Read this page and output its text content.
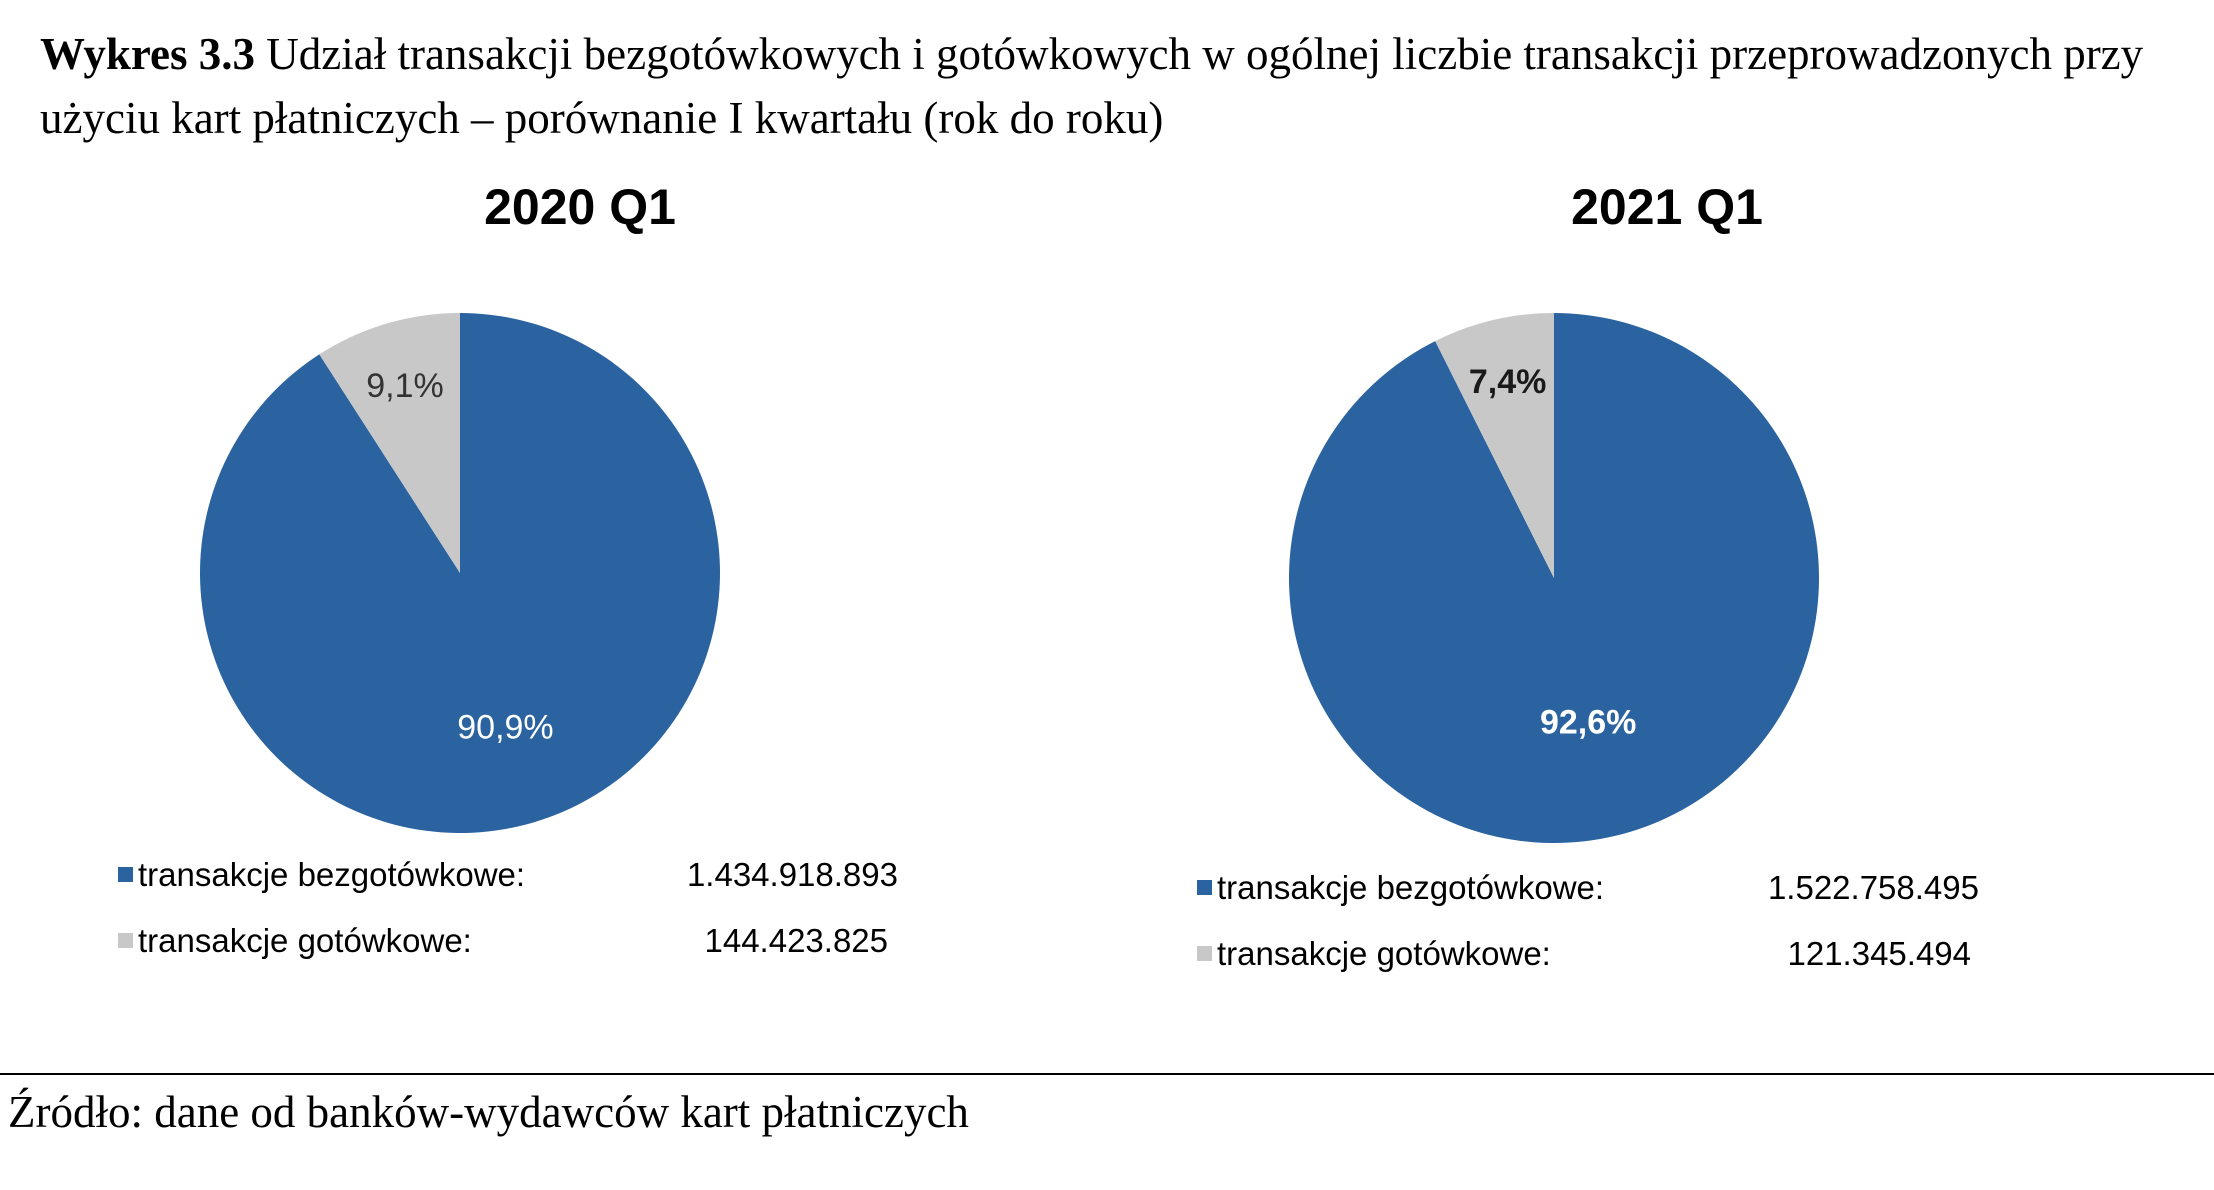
Wykres 3.3 Udział transakcji bezgotówkowych i gotówkowych w ogólnej liczbie transakcji przeprowadzonych przy użyciu kart płatniczych – porównanie I kwartału (rok do roku)
2020 Q1
90,9%
9,1%
transakcje bezgotówkowe:	1.434.918.893
transakcje gotówkowe:	144.423.825
2021 Q1
92,6%
7,4%
transakcje bezgotówkowe:	1.522.758.495
transakcje gotówkowe:	121.345.494
Źródło: dane od banków-wydawców kart płatniczych
